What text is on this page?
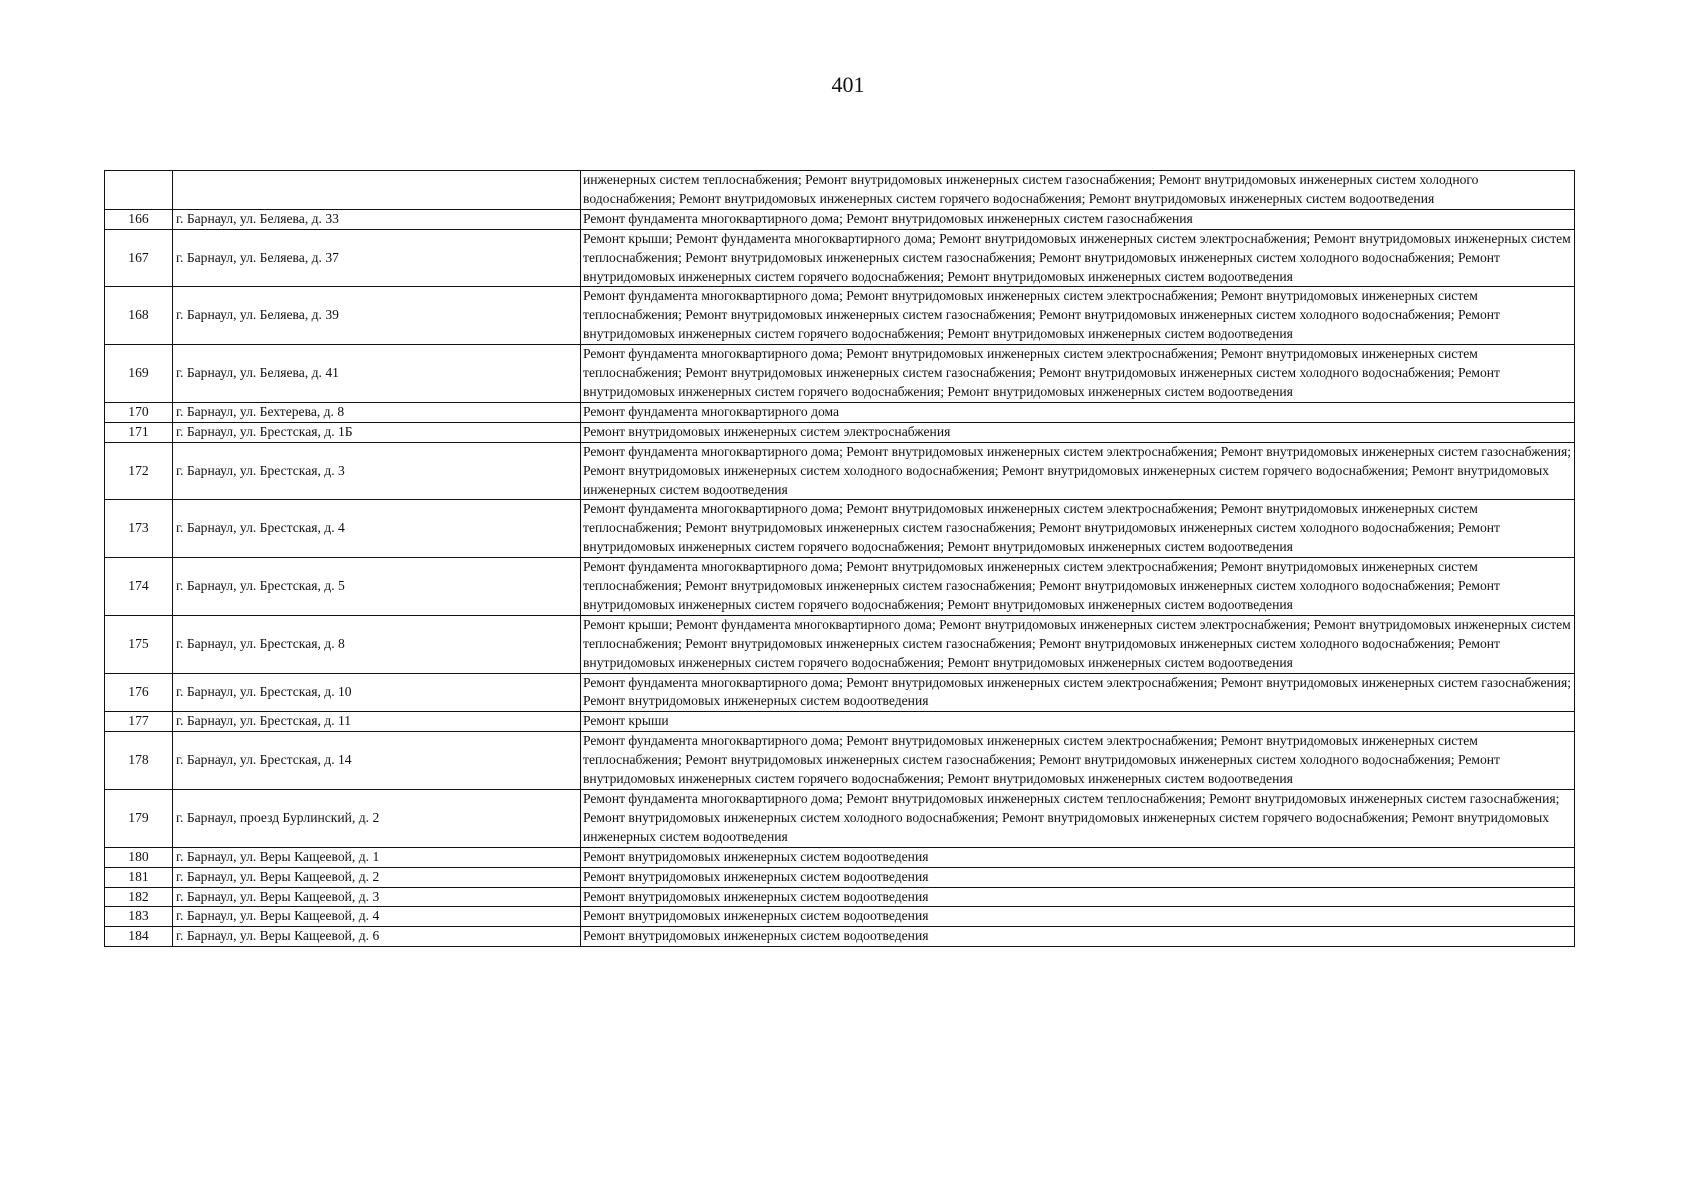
401
		инженерных систем теплоснабжения; Ремонт внутридомовых инженерных систем газоснабжения; Ремонт внутридомовых инженерных систем холодного водоснабжения; Ремонт внутридомовых инженерных систем горячего водоснабжения; Ремонт внутридомовых инженерных систем водоотведения
166	г. Барнаул, ул. Беляева, д. 33	Ремонт фундамента многоквартирного дома; Ремонт внутридомовых инженерных систем газоснабжения
167	г. Барнаул, ул. Беляева, д. 37	Ремонт крыши; Ремонт фундамента многоквартирного дома; Ремонт внутридомовых инженерных систем электроснабжения; Ремонт внутридомовых инженерных систем теплоснабжения; Ремонт внутридомовых инженерных систем газоснабжения; Ремонт внутридомовых инженерных систем холодного водоснабжения; Ремонт внутридомовых инженерных систем горячего водоснабжения; Ремонт внутридомовых инженерных систем водоотведения
168	г. Барнаул, ул. Беляева, д. 39	Ремонт фундамента многоквартирного дома; Ремонт внутридомовых инженерных систем электроснабжения; Ремонт внутридомовых инженерных систем теплоснабжения; Ремонт внутридомовых инженерных систем газоснабжения; Ремонт внутридомовых инженерных систем холодного водоснабжения; Ремонт внутридомовых инженерных систем горячего водоснабжения; Ремонт внутридомовых инженерных систем водоотведения
169	г. Барнаул, ул. Беляева, д. 41	Ремонт фундамента многоквартирного дома; Ремонт внутридомовых инженерных систем электроснабжения; Ремонт внутридомовых инженерных систем теплоснабжения; Ремонт внутридомовых инженерных систем газоснабжения; Ремонт внутридомовых инженерных систем холодного водоснабжения; Ремонт внутридомовых инженерных систем горячего водоснабжения; Ремонт внутридомовых инженерных систем водоотведения
170	г. Барнаул, ул. Бехтерева, д. 8	Ремонт фундамента многоквартирного дома
171	г. Барнаул, ул. Брестская, д. 1Б	Ремонт внутридомовых инженерных систем электроснабжения
172	г. Барнаул, ул. Брестская, д. 3	Ремонт фундамента многоквартирного дома; Ремонт внутридомовых инженерных систем электроснабжения; Ремонт внутридомовых инженерных систем газоснабжения; Ремонт внутридомовых инженерных систем холодного водоснабжения; Ремонт внутридомовых инженерных систем горячего водоснабжения; Ремонт внутридомовых инженерных систем водоотведения
173	г. Барнаул, ул. Брестская, д. 4	Ремонт фундамента многоквартирного дома; Ремонт внутридомовых инженерных систем электроснабжения; Ремонт внутридомовых инженерных систем теплоснабжения; Ремонт внутридомовых инженерных систем газоснабжения; Ремонт внутридомовых инженерных систем холодного водоснабжения; Ремонт внутридомовых инженерных систем горячего водоснабжения; Ремонт внутридомовых инженерных систем водоотведения
174	г. Барнаул, ул. Брестская, д. 5	Ремонт фундамента многоквартирного дома; Ремонт внутридомовых инженерных систем электроснабжения; Ремонт внутридомовых инженерных систем теплоснабжения; Ремонт внутридомовых инженерных систем газоснабжения; Ремонт внутридомовых инженерных систем холодного водоснабжения; Ремонт внутридомовых инженерных систем горячего водоснабжения; Ремонт внутридомовых инженерных систем водоотведения
175	г. Барнаул, ул. Брестская, д. 8	Ремонт крыши; Ремонт фундамента многоквартирного дома; Ремонт внутридомовых инженерных систем электроснабжения; Ремонт внутридомовых инженерных систем теплоснабжения; Ремонт внутридомовых инженерных систем газоснабжения; Ремонт внутридомовых инженерных систем холодного водоснабжения; Ремонт внутридомовых инженерных систем горячего водоснабжения; Ремонт внутридомовых инженерных систем водоотведения
176	г. Барнаул, ул. Брестская, д. 10	Ремонт фундамента многоквартирного дома; Ремонт внутридомовых инженерных систем электроснабжения; Ремонт внутридомовых инженерных систем газоснабжения; Ремонт внутридомовых инженерных систем водоотведения
177	г. Барнаул, ул. Брестская, д. 11	Ремонт крыши
178	г. Барнаул, ул. Брестская, д. 14	Ремонт фундамента многоквартирного дома; Ремонт внутридомовых инженерных систем электроснабжения; Ремонт внутридомовых инженерных систем теплоснабжения; Ремонт внутридомовых инженерных систем газоснабжения; Ремонт внутридомовых инженерных систем холодного водоснабжения; Ремонт внутридомовых инженерных систем горячего водоснабжения; Ремонт внутридомовых инженерных систем водоотведения
179	г. Барнаул, проезд Бурлинский, д. 2	Ремонт фундамента многоквартирного дома; Ремонт внутридомовых инженерных систем теплоснабжения; Ремонт внутридомовых инженерных систем газоснабжения; Ремонт внутридомовых инженерных систем холодного водоснабжения; Ремонт внутридомовых инженерных систем горячего водоснабжения; Ремонт внутридомовых инженерных систем водоотведения
180	г. Барнаул, ул. Веры Кащеевой, д. 1	Ремонт внутридомовых инженерных систем водоотведения
181	г. Барнаул, ул. Веры Кащеевой, д. 2	Ремонт внутридомовых инженерных систем водоотведения
182	г. Барнаул, ул. Веры Кащеевой, д. 3	Ремонт внутридомовых инженерных систем водоотведения
183	г. Барнаул, ул. Веры Кащеевой, д. 4	Ремонт внутридомовых инженерных систем водоотведения
184	г. Барнаул, ул. Веры Кащеевой, д. 6	Ремонт внутридомовых инженерных систем водоотведения
